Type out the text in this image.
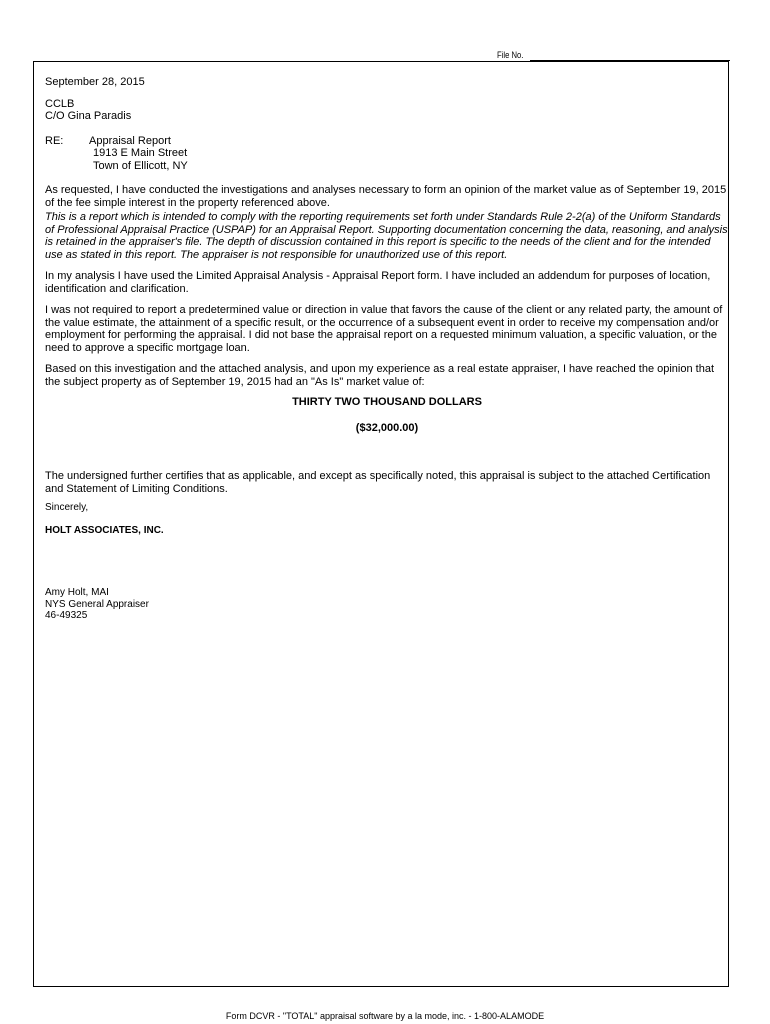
File No.

September 28, 2015

CCLB

C/O Gina Paradis

RE:	Appraisal Report

1913 E Main Street

Town of Ellicott, NY

As requested, I have conducted the investigations and analyses necessary to form an opinion of the market value as of September 19, 2015 of the fee simple interest in the property referenced above.

This is a report which is intended to comply with the reporting requirements set forth under Standards Rule 2-2(a) of the Uniform Standards of Professional Appraisal Practice (USPAP) for an Appraisal Report. Supporting documentation concerning the data, reasoning, and analysis is retained in the appraiser's file. The depth of discussion contained in this report is specific to the needs of the client and for the intended use as stated in this report. The appraiser is not responsible for unauthorized use of this report.

In my analysis I have used the Limited Appraisal Analysis - Appraisal Report form. I have included an addendum for purposes of location, identification and clarification.

I was not required to report a predetermined value or direction in value that favors the cause of the client or any related party, the amount of the value estimate, the attainment of a specific result, or the occurrence of a subsequent event in order to receive my compensation and/or employment for performing the appraisal. I did not base the appraisal report on a requested minimum valuation, a specific valuation, or the need to approve a specific mortgage loan.

Based on this investigation and the attached analysis, and upon my experience as a real estate appraiser, I have reached the opinion that the subject property as of September 19, 2015 had an "As Is" market value of:

THIRTY TWO THOUSAND DOLLARS

($32,000.00)

The undersigned further certifies that as applicable, and except as specifically noted, this appraisal is subject to the attached Certification and Statement of Limiting Conditions.

Sincerely,

HOLT ASSOCIATES, INC.

Amy Holt, MAI

NYS General Appraiser

46-49325

Form DCVR - "TOTAL" appraisal software by a la mode, inc. - 1-800-ALAMODE
